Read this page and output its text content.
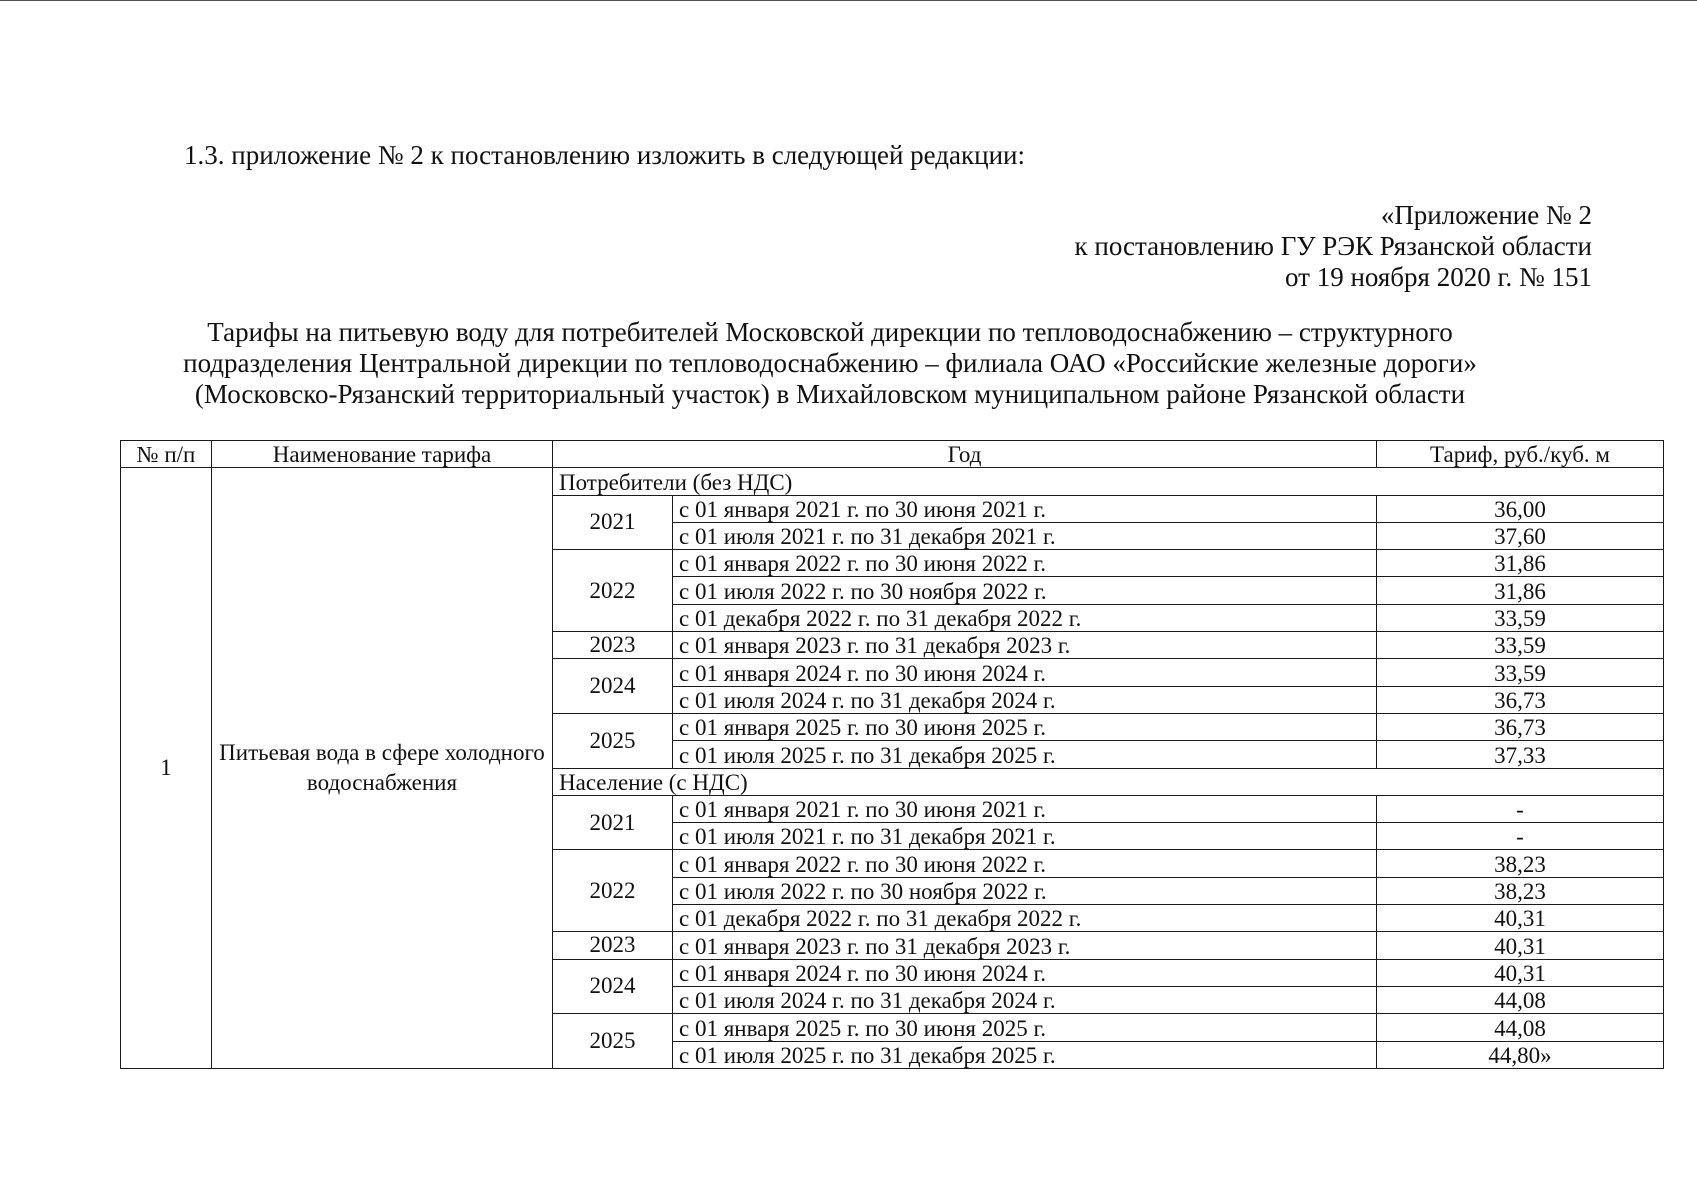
1.3. приложение № 2 к постановлению изложить в следующей редакции:
«Приложение № 2
к постановлению ГУ РЭК Рязанской области
от 19 ноября 2020 г. № 151
Тарифы на питьевую воду для потребителей Московской дирекции по тепловодоснабжению – структурного
подразделения Центральной дирекции по тепловодоснабжению – филиала ОАО «Российские железные дороги»
(Московско-Рязанский территориальный участок) в Михайловском муниципальном районе Рязанской области
№ п/п	Наименование тарифа	Год		Тариф, руб./куб. м
1	Питьевая вода в сфере холодного водоснабжения	Потребители (без НДС)		
		2021	с 01 января 2021 г. по 30 июня 2021 г.	36,00
			с 01 июля 2021 г. по 31 декабря 2021 г.	37,60
		2022	с 01 января 2022 г. по 30 июня 2022 г.	31,86
			с 01 июля 2022 г. по 30 ноября 2022 г.	31,86
			с 01 декабря 2022 г. по 31 декабря 2022 г.	33,59
		2023	с 01 января 2023 г. по 31 декабря 2023 г.	33,59
		2024	с 01 января 2024 г. по 30 июня 2024 г.	33,59
			с 01 июля 2024 г. по 31 декабря 2024 г.	36,73
		2025	с 01 января 2025 г. по 30 июня 2025 г.	36,73
			с 01 июля 2025 г. по 31 декабря 2025 г.	37,33
		Население (с НДС)		
		2021	с 01 января 2021 г. по 30 июня 2021 г.	-
			с 01 июля 2021 г. по 31 декабря 2021 г.	-
		2022	с 01 января 2022 г. по 30 июня 2022 г.	38,23
			с 01 июля 2022 г. по 30 ноября 2022 г.	38,23
			с 01 декабря 2022 г. по 31 декабря 2022 г.	40,31
		2023	с 01 января 2023 г. по 31 декабря 2023 г.	40,31
		2024	с 01 января 2024 г. по 30 июня 2024 г.	40,31
			с 01 июля 2024 г. по 31 декабря 2024 г.	44,08
		2025	с 01 января 2025 г. по 30 июня 2025 г.	44,08
			с 01 июля 2025 г. по 31 декабря 2025 г.	44,80»
